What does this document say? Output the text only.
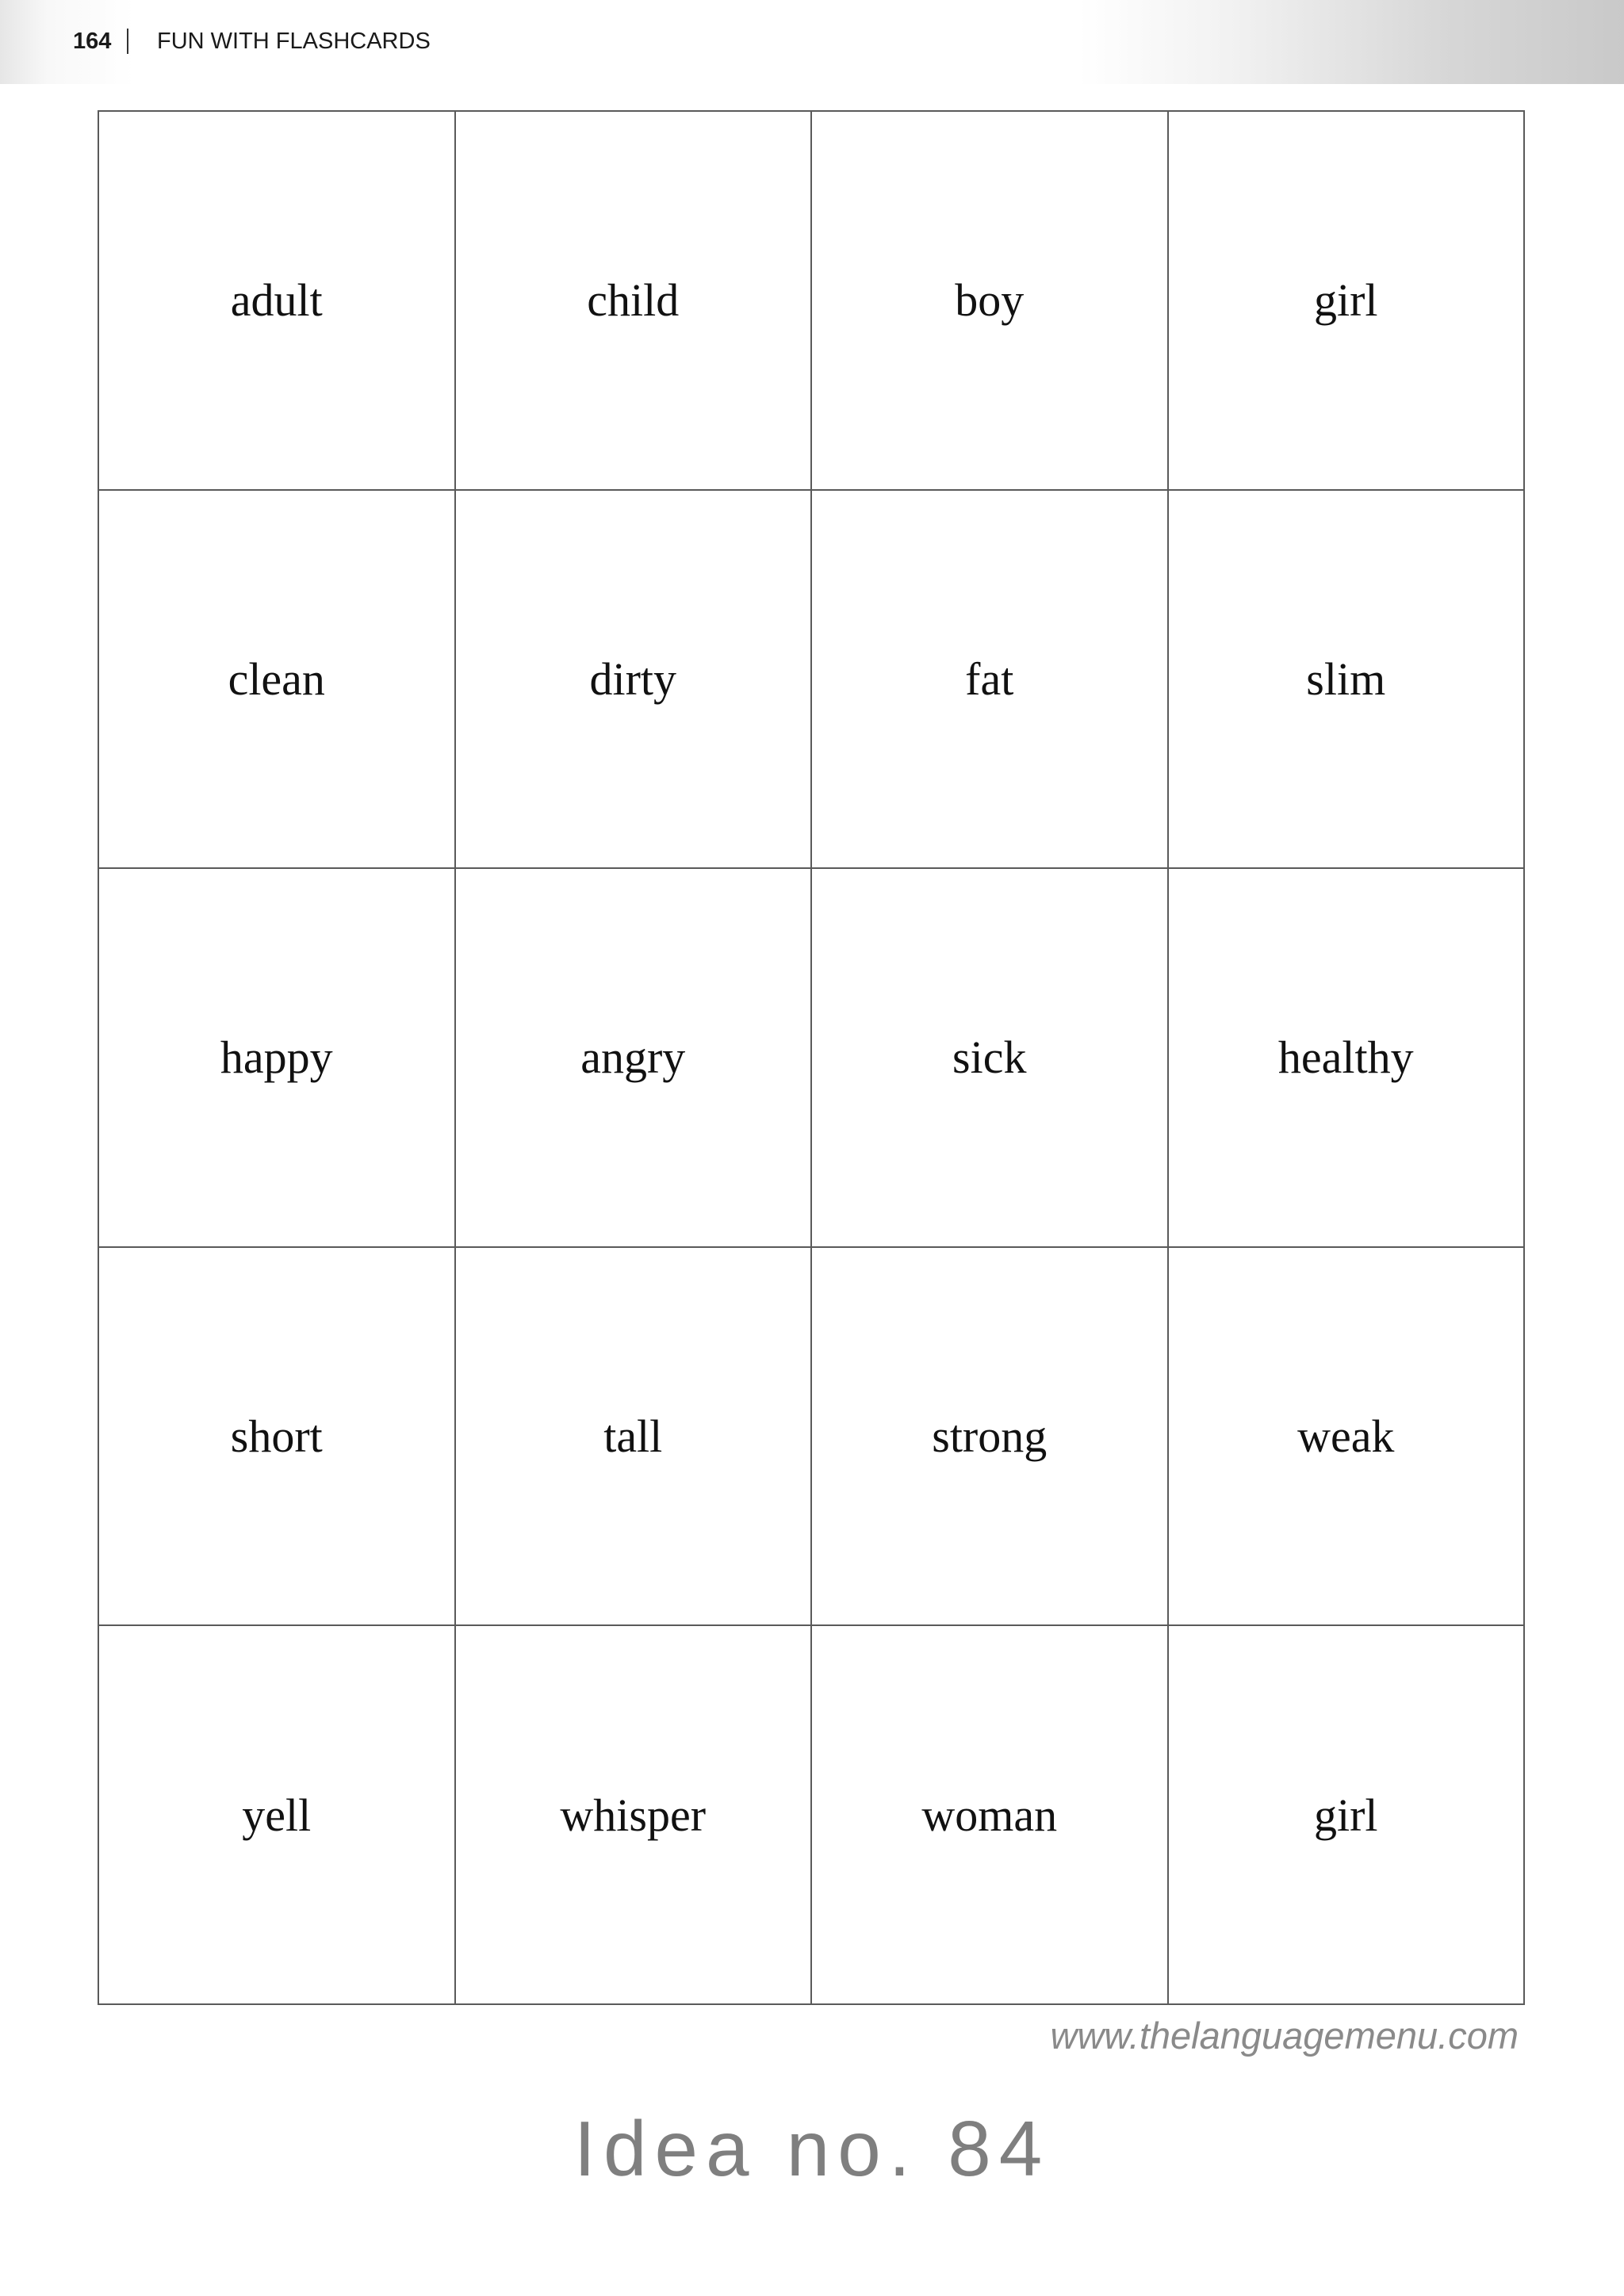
164 FUN WITH FLASHCARDS
adult	child	boy	girl
clean	dirty	fat	slim
happy	angry	sick	healthy
short	tall	strong	weak
yell	whisper	woman	girl
www.thelanguagemenu.com
Idea no. 84
